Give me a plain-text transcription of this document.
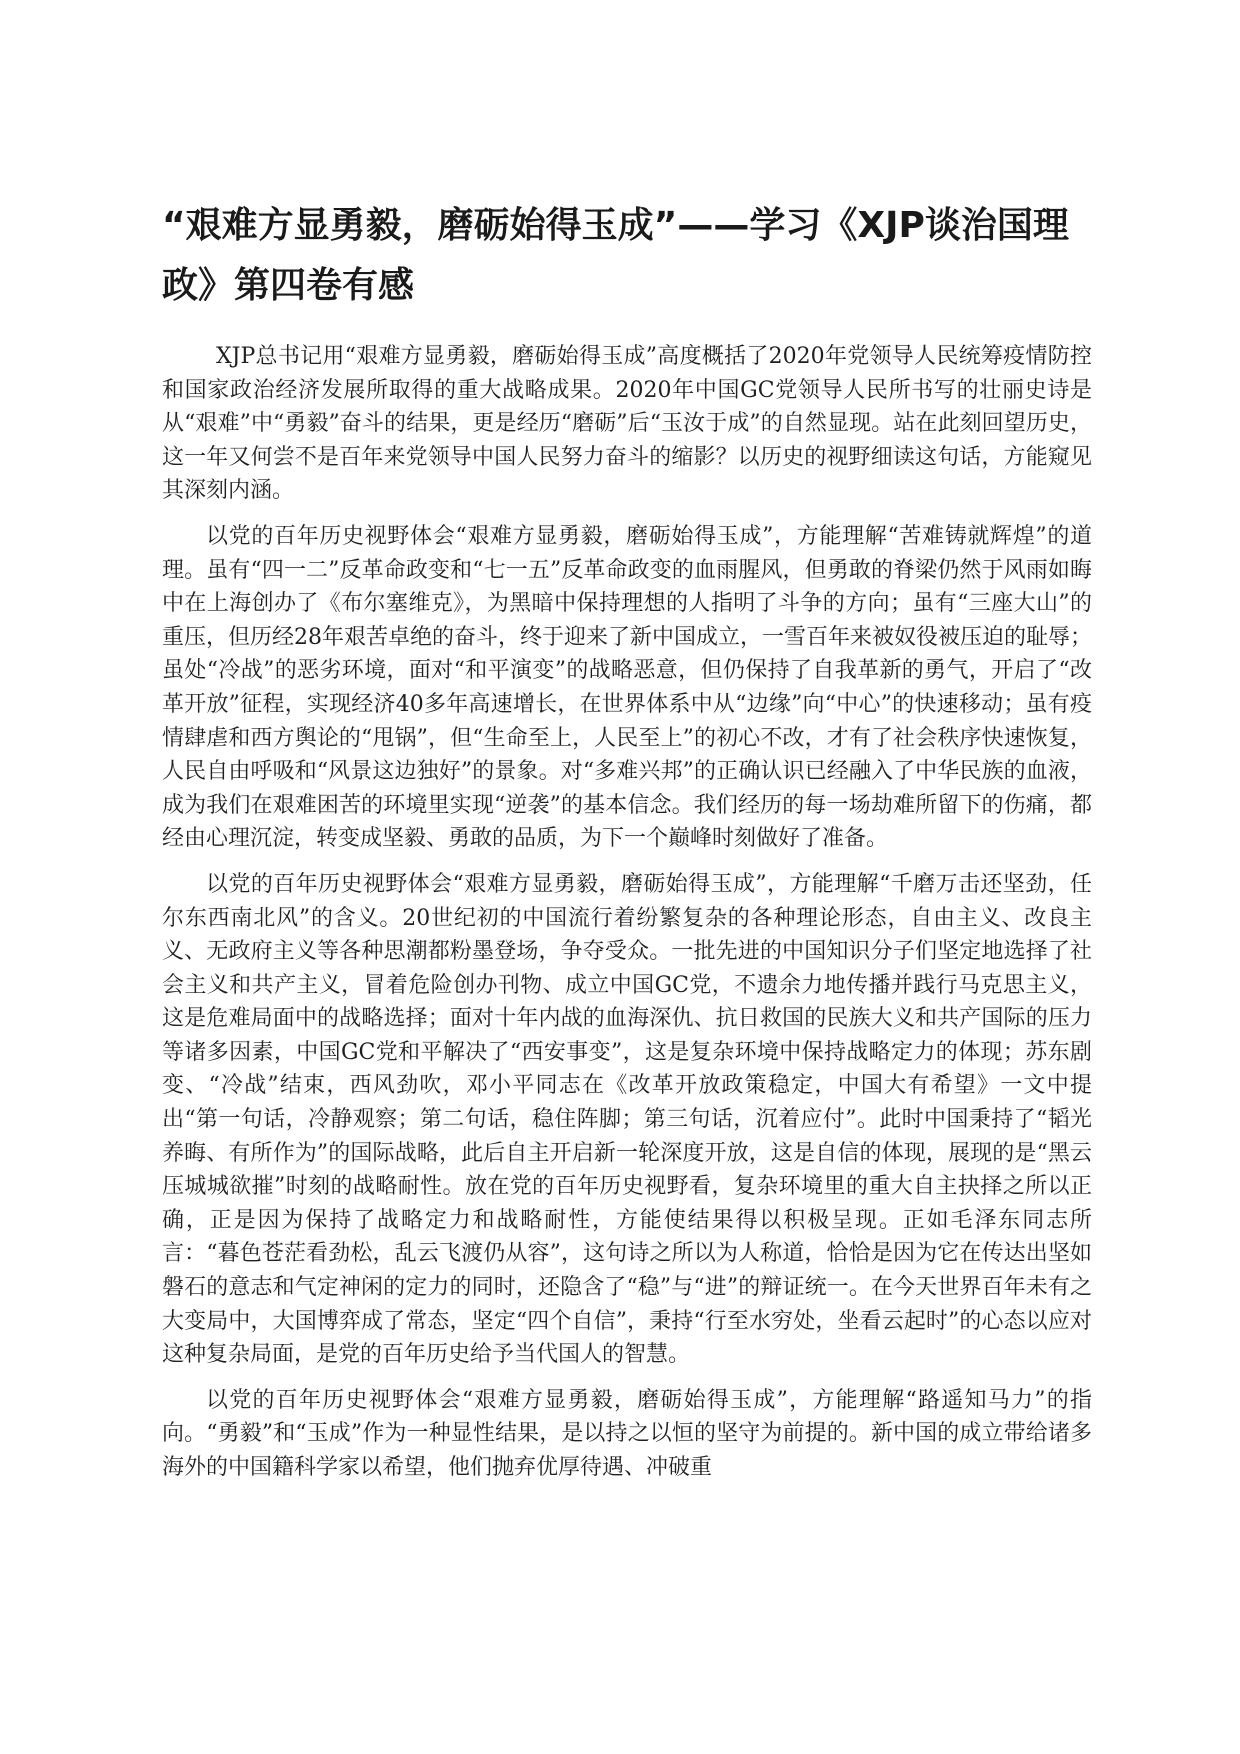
“艰难方显勇毅，磨砺始得玉成”——学习《XJP谈治国理政》第四卷有感

XJP总书记用“艰难方显勇毅，磨砺始得玉成”高度概括了2020年党领导人民统筹疫情防控和国家政治经济发展所取得的重大战略成果。2020年中国GC党领导人民所书写的壮丽史诗是从“艰难”中“勇毅”奋斗的结果，更是经历“磨砺”后“玉汝于成”的自然显现。站在此刻回望历史，这一年又何尝不是百年来党领导中国人民努力奋斗的缩影？以历史的视野细读这句话，方能窥见其深刻内涵。

以党的百年历史视野体会“艰难方显勇毅，磨砺始得玉成”，方能理解“苦难铸就辉煌”的道理。虽有“四一二”反革命政变和“七一五”反革命政变的血雨腥风，但勇敢的脊梁仍然于风雨如晦中在上海创办了《布尔塞维克》，为黑暗中保持理想的人指明了斗争的方向；虽有“三座大山”的重压，但历经28年艰苦卓绝的奋斗，终于迎来了新中国成立，一雪百年来被奴役被压迫的耻辱；虽处“冷战”的恶劣环境，面对“和平演变”的战略恶意，但仍保持了自我革新的勇气，开启了“改革开放”征程，实现经济40多年高速增长，在世界体系中从“边缘”向“中心”的快速移动；虽有疫情肆虐和西方舆论的“甩锅”，但“生命至上，人民至上”的初心不改，才有了社会秩序快速恢复，人民自由呼吸和“风景这边独好”的景象。对“多难兴邦”的正确认识已经融入了中华民族的血液，成为我们在艰难困苦的环境里实现“逆袭”的基本信念。我们经历的每一场劫难所留下的伤痛，都经由心理沉淀，转变成坚毅、勇敢的品质，为下一个巅峰时刻做好了准备。

以党的百年历史视野体会“艰难方显勇毅，磨砺始得玉成”，方能理解“千磨万击还坚劲，任尔东西南北风”的含义。20世纪初的中国流行着纷繁复杂的各种理论形态，自由主义、改良主义、无政府主义等各种思潮都粉墨登场，争夺受众。一批先进的中国知识分子们坚定地选择了社会主义和共产主义，冒着危险创办刊物、成立中国GC党，不遗余力地传播并践行马克思主义，这是危难局面中的战略选择；面对十年内战的血海深仇、抗日救国的民族大义和共产国际的压力等诸多因素，中国GC党和平解决了“西安事变”，这是复杂环境中保持战略定力的体现；苏东剧变、“冷战”结束，西风劲吹，邓小平同志在《改革开放政策稳定，中国大有希望》一文中提出“第一句话，冷静观察；第二句话，稳住阵脚；第三句话，沉着应付”。此时中国秉持了“韬光养晦、有所作为”的国际战略，此后自主开启新一轮深度开放，这是自信的体现，展现的是“黑云压城城欲摧”时刻的战略耐性。放在党的百年历史视野看，复杂环境里的重大自主抉择之所以正确，正是因为保持了战略定力和战略耐性，方能使结果得以积极呈现。正如毛泽东同志所言：“暮色苍茫看劲松，乱云飞渡仍从容”，这句诗之所以为人称道，恰恰是因为它在传达出坚如磐石的意志和气定神闲的定力的同时，还隐含了“稳”与“进”的辩证统一。在今天世界百年未有之大变局中，大国博弈成了常态，坚定“四个自信”，秉持“行至水穷处，坐看云起时”的心态以应对这种复杂局面，是党的百年历史给予当代国人的智慧。

以党的百年历史视野体会“艰难方显勇毅，磨砺始得玉成”，方能理解“路遥知马力”的指向。“勇毅”和“玉成”作为一种显性结果，是以持之以恒的坚守为前提的。新中国的成立带给诸多海外的中国籍科学家以希望，他们抛弃优厚待遇、冲破重
